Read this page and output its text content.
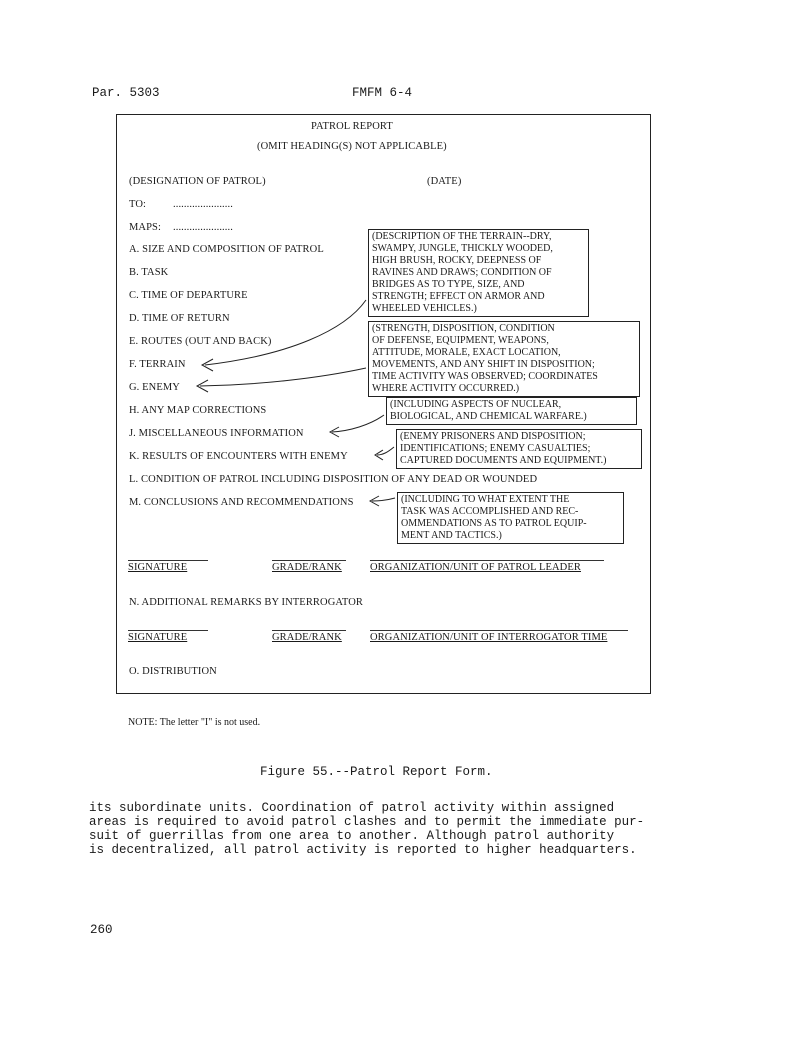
Par. 5303	FMFM 6-4
PATROL REPORT
(OMIT HEADING(S) NOT APPLICABLE)
(DESIGNATION OF PATROL)	(DATE)
TO:	......................
MAPS: ......................
A. SIZE AND COMPOSITION OF PATROL
B. TASK
C. TIME OF DEPARTURE
D. TIME OF RETURN
E. ROUTES (OUT AND BACK)
F. TERRAIN
G. ENEMY
H. ANY MAP CORRECTIONS
J. MISCELLANEOUS INFORMATION
K. RESULTS OF ENCOUNTERS WITH ENEMY
L. CONDITION OF PATROL INCLUDING DISPOSITION OF ANY DEAD OR WOUNDED
M. CONCLUSIONS AND RECOMMENDATIONS
(DESCRIPTION OF THE TERRAIN--DRY,
SWAMPY, JUNGLE, THICKLY WOODED,
HIGH BRUSH, ROCKY, DEEPNESS OF
RAVINES AND DRAWS; CONDITION OF
BRIDGES AS TO TYPE, SIZE, AND
STRENGTH; EFFECT ON ARMOR AND
WHEELED VEHICLES.)
(STRENGTH, DISPOSITION, CONDITION
OF DEFENSE, EQUIPMENT, WEAPONS,
ATTITUDE, MORALE, EXACT LOCATION,
MOVEMENTS, AND ANY SHIFT IN DISPOSITION;
TIME ACTIVITY WAS OBSERVED; COORDINATES
WHERE ACTIVITY OCCURRED.)
(INCLUDING ASPECTS OF NUCLEAR,
BIOLOGICAL, AND CHEMICAL WARFARE.)
(ENEMY PRISONERS AND DISPOSITION;
IDENTIFICATIONS; ENEMY CASUALTIES;
CAPTURED DOCUMENTS AND EQUIPMENT.)
(INCLUDING TO WHAT EXTENT THE
TASK WAS ACCOMPLISHED AND REC-
OMMENDATIONS AS TO PATROL EQUIP-
MENT AND TACTICS.)
SIGNATURE	GRADE/RANK	ORGANIZATION/UNIT OF PATROL LEADER
N. ADDITIONAL REMARKS BY INTERROGATOR
SIGNATURE	GRADE/RANK	ORGANIZATION/UNIT OF INTERROGATOR TIME
O. DISTRIBUTION
NOTE: The letter "I" is not used.
Figure 55.--Patrol Report Form.
its subordinate units. Coordination of patrol activity within assigned
areas is required to avoid patrol clashes and to permit the immediate pur-
suit of guerrillas from one area to another. Although patrol authority
is decentralized, all patrol activity is reported to higher headquarters.
260
